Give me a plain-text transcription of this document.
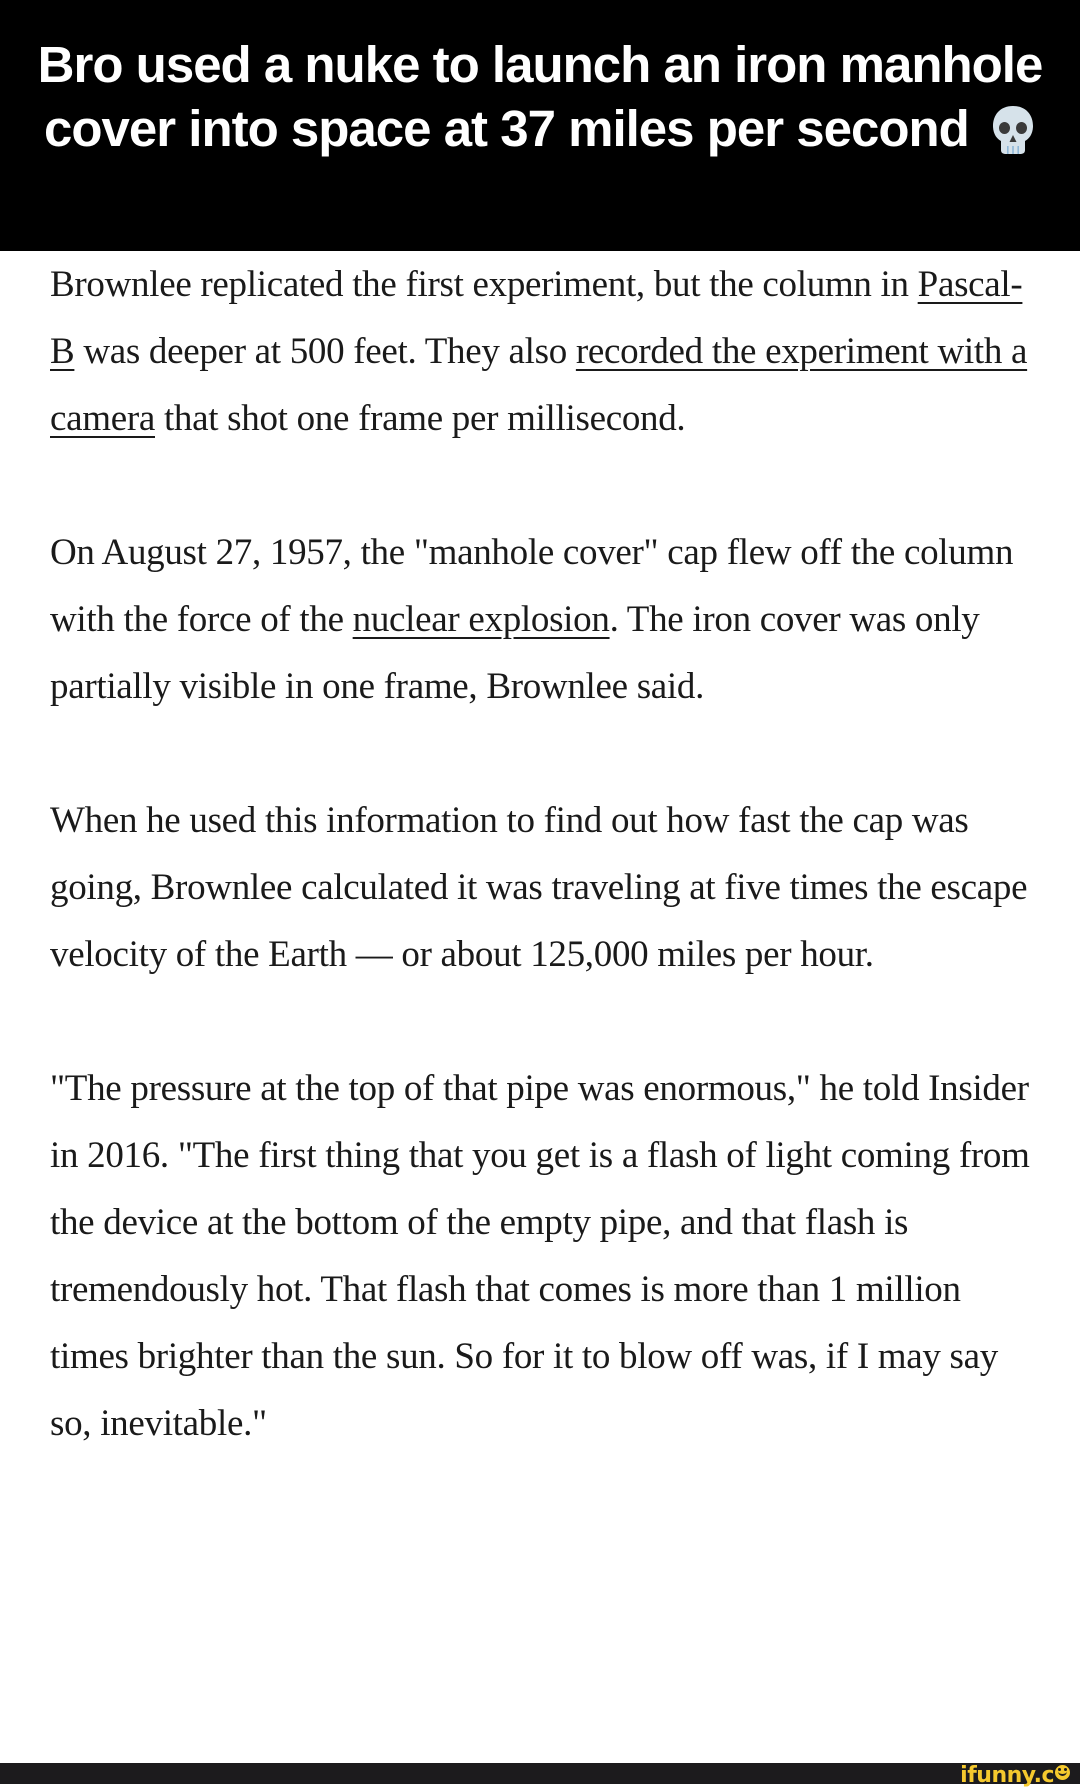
Bro used a nuke to launch an iron manhole cover into space at 37 miles per second

Brownlee replicated the first experiment, but the column in Pascal-B was deeper at 500 feet. They also recorded the experiment with a camera that shot one frame per millisecond.

On August 27, 1957, the "manhole cover" cap flew off the column with the force of the nuclear explosion. The iron cover was only partially visible in one frame, Brownlee said.

When he used this information to find out how fast the cap was going, Brownlee calculated it was traveling at five times the escape velocity of the Earth — or about 125,000 miles per hour.

"The pressure at the top of that pipe was enormous," he told Insider in 2016. "The first thing that you get is a flash of light coming from the device at the bottom of the empty pipe, and that flash is tremendously hot. That flash that comes is more than 1 million times brighter than the sun. So for it to blow off was, if I may say so, inevitable."

ifunny.c
